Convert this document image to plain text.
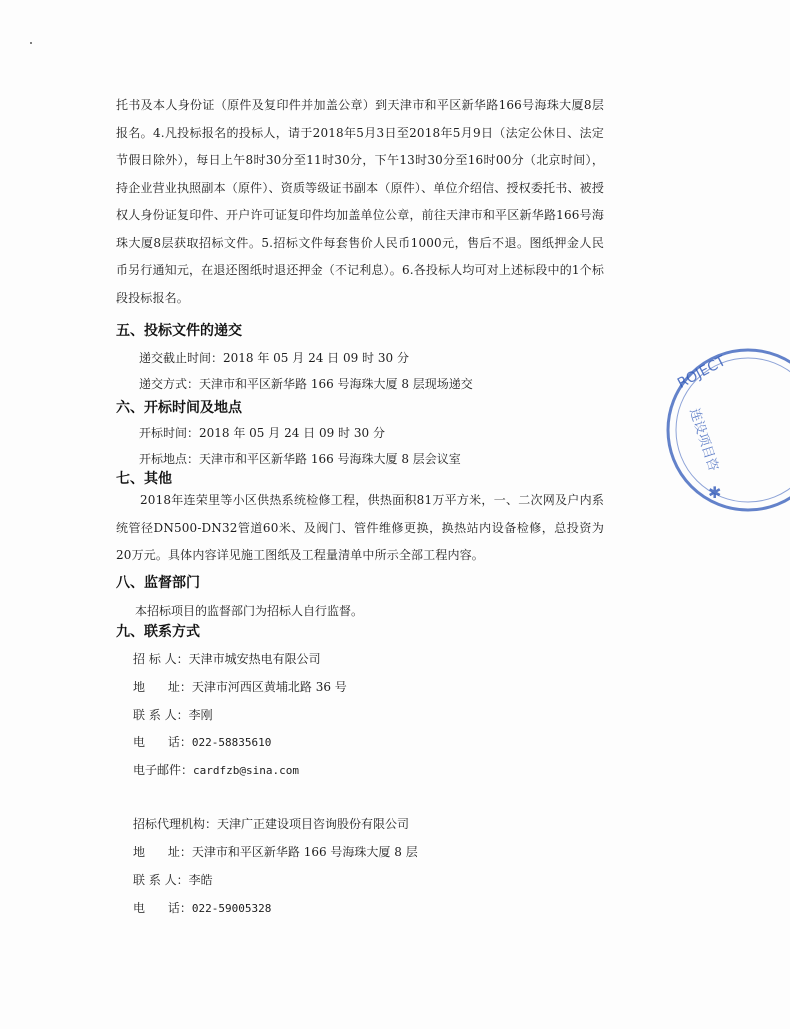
托书及本人身份证（原件及复印件并加盖公章）到天津市和平区新华路166号海珠大厦8层报名。4.凡投标报名的投标人，请于2018年5月3日至2018年5月9日（法定公休日、法定节假日除外），每日上午8时30分至11时30分，下午13时30分至16时00分（北京时间），持企业营业执照副本（原件）、资质等级证书副本（原件）、单位介绍信、授权委托书、被授权人身份证复印件、开户许可证复印件均加盖单位公章，前往天津市和平区新华路166号海珠大厦8层获取招标文件。5.招标文件每套售价人民币1000元，售后不退。图纸押金人民币另行通知元，在退还图纸时退还押金（不记利息）。6.各投标人均可对上述标段中的1个标段投标报名。

五、投标文件的递交
递交截止时间：2018 年 05 月 24 日 09 时 30 分
递交方式：天津市和平区新华路 166 号海珠大厦 8 层现场递交
六、开标时间及地点
开标时间：2018 年 05 月 24 日 09 时 30 分
开标地点：天津市和平区新华路 166 号海珠大厦 8 层会议室
七、其他

2018年连荣里等小区供热系统检修工程，供热面积81万平方米，一、二次网及户内系统管径DN500-DN32管道60米、及阀门、管件维修更换，换热站内设备检修，总投资为20万元。具体内容详见施工图纸及工程量清单中所示全部工程内容。

八、监督部门
本招标项目的监督部门为招标人自行监督。
九、联系方式
招 标 人：天津市城安热电有限公司
地      址：天津市河西区黄埔北路 36 号
联 系 人：李刚
电      话：022-58835610
电子邮件：cardfzb@sina.com
招标代理机构：天津广正建设项目咨询股份有限公司
地      址：天津市和平区新华路 166 号海珠大厦 8 层
联 系 人：李皓
电      话：022-59005328
ROJECT
连设项目咨
✱
